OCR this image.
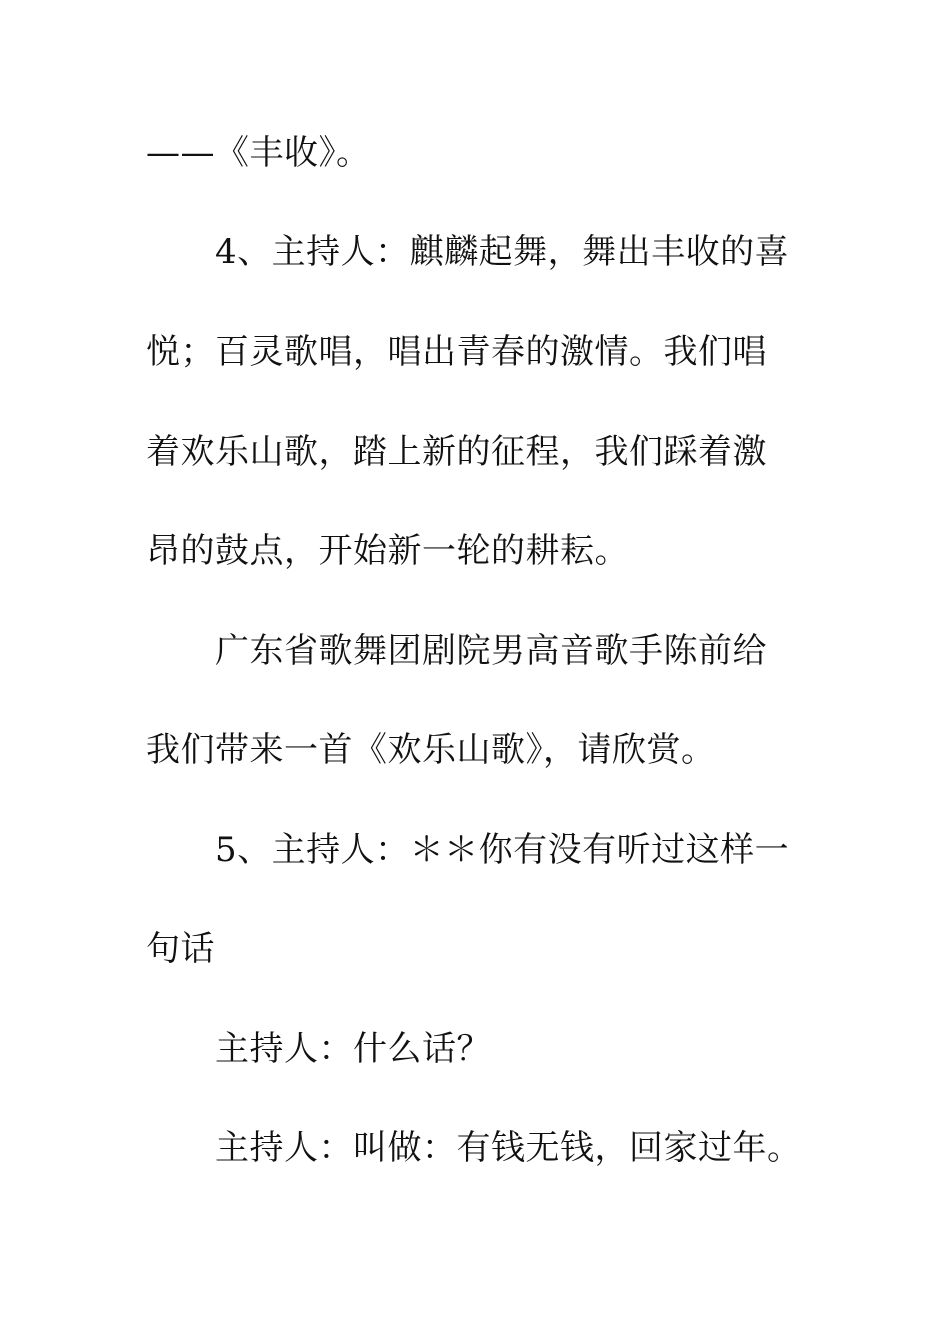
——《丰收》。
4、主持人：麒麟起舞，舞出丰收的喜
悦；百灵歌唱，唱出青春的激情。我们唱
着欢乐山歌，踏上新的征程，我们踩着激
昂的鼓点，开始新一轮的耕耘。
广东省歌舞团剧院男高音歌手陈前给
我们带来一首《欢乐山歌》，请欣赏。
5、主持人：＊＊你有没有听过这样一
句话
主持人：什么话？
主持人：叫做：有钱无钱，回家过年。
